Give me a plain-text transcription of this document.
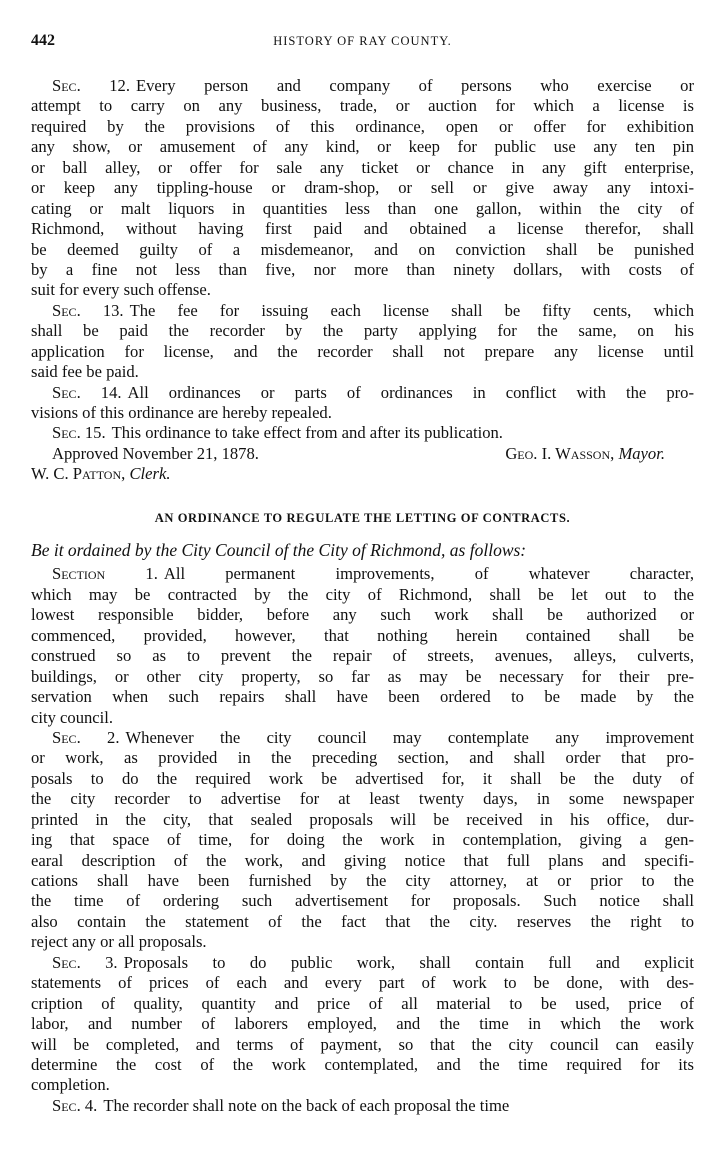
442	HISTORY OF RAY COUNTY.
Sec. 12. Every person and company of persons who exercise or
attempt to carry on any business, trade, or auction for which a license is
required by the provisions of this ordinance, open or offer for exhibition
any show, or amusement of any kind, or keep for public use any ten pin
or ball alley, or offer for sale any ticket or chance in any gift enterprise,
or keep any tippling-house or dram-shop, or sell or give away any intoxi-
cating or malt liquors in quantities less than one gallon, within the city of
Richmond, without having first paid and obtained a license therefor, shall
be deemed guilty of a misdemeanor, and on conviction shall be punished
by a fine not less than five, nor more than ninety dollars, with costs of
suit for every such offense.
Sec. 13. The fee for issuing each license shall be fifty cents, which
shall be paid the recorder by the party applying for the same, on his
application for license, and the recorder shall not prepare any license until
said fee be paid.
Sec. 14. All ordinances or parts of ordinances in conflict with the pro-
visions of this ordinance are hereby repealed.
Sec. 15. This ordinance to take effect from and after its publication.
Approved November 21, 1878.	Geo. I. Wasson, Mayor.
W. C. Patton, Clerk.
AN ORDINANCE TO REGULATE THE LETTING OF CONTRACTS.
Be it ordained by the City Council of the City of Richmond, as follows:
Section 1. All permanent improvements, of whatever character,
which may be contracted by the city of Richmond, shall be let out to the
lowest responsible bidder, before any such work shall be authorized or
commenced, provided, however, that nothing herein contained shall be
construed so as to prevent the repair of streets, avenues, alleys, culverts,
buildings, or other city property, so far as may be necessary for their pre-
servation when such repairs shall have been ordered to be made by the
city council.
Sec. 2. Whenever the city council may contemplate any improvement
or work, as provided in the preceding section, and shall order that pro-
posals to do the required work be advertised for, it shall be the duty of
the city recorder to advertise for at least twenty days, in some newspaper
printed in the city, that sealed proposals will be received in his office, dur-
ing that space of time, for doing the work in contemplation, giving a gen-
earal description of the work, and giving notice that full plans and specifi-
cations shall have been furnished by the city attorney, at or prior to the
the time of ordering such advertisement for proposals. Such notice shall
also contain the statement of the fact that the city. reserves the right to
reject any or all proposals.
Sec. 3. Proposals to do public work, shall contain full and explicit
statements of prices of each and every part of work to be done, with des-
cription of quality, quantity and price of all material to be used, price of
labor, and number of laborers employed, and the time in which the work
will be completed, and terms of payment, so that the city council can easily
determine the cost of the work contemplated, and the time required for its
completion.
Sec. 4. The recorder shall note on the back of each proposal the time
